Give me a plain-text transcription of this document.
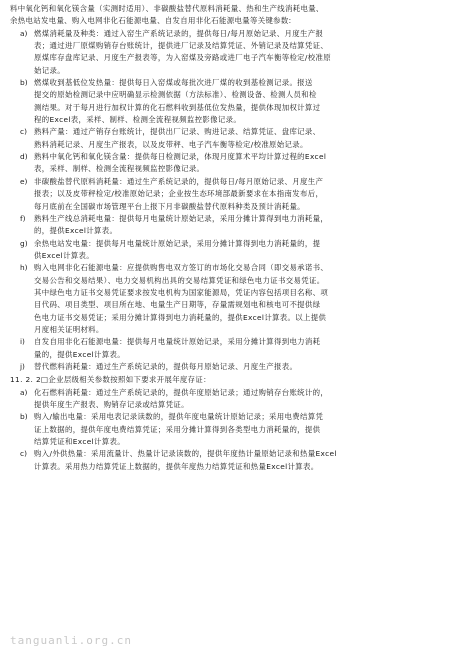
料中氧化钙和氧化镁含量（实测时适用）、非碳酸盐替代原料消耗量、热和生产线消耗电量、
余热电站发电量、购入电网非化石能源电量、自发自用非化石能源电量等关键参数:
a) 燃煤消耗量及种类：通过入窑生产系统记录的，提供每日/每月原始记录、月度生产报
表；通过进厂原煤购销存台账统计，提供进厂记录及结算凭证、外销记录及结算凭证、
原煤库存盘库记录、月度生产报表等，为入窑煤及旁路或进厂电子汽车衡等检定/校准原
始记录。
b) 燃煤收到基低位发热量：提供每日入窑煤或每批次进厂煤的收到基检测记录。报送
提交的原始检测记录中应明确显示检测依据（方法标准）、检测设备、检测人员和检
测结果。对于每月进行加权计算的化石燃料收到基低位发热量，提供体现加权计算过
程的Excel表，采样、制样、检测全流程视频监控影像记录。
c) 熟料产量：通过产销存台账统计，提供出厂记录、购进记录、结算凭证、盘库记录、
熟料消耗记录、月度生产报表，以及皮带秤、电子汽车衡等检定/校准原始记录。
d) 熟料中氧化钙和氧化镁含量：提供每日检测记录，体现月度算术平均计算过程的Excel
表，采样、制样、检测全流程视频监控影像记录。
e) 非碳酸盐替代原料消耗量：通过生产系统记录的，提供每日/每月原始记录、月度生产
报表；以及皮带秤检定/校准原始记录；企业按生态环境部最新要求在本指南发布后，
每月底前在全国碳市场管理平台上报下月非碳酸盐替代原料种类及预计消耗量。
f)	熟料生产线总消耗电量：提供每月电量统计原始记录，采用分摊计算得到电力消耗量，
的，提供Excel计算表。
g) 余热电站发电量：提供每月电量统计原始记录，采用分摊计算得到电力消耗量的，提
供Excel计算表。
h) 购入电网非化石能源电量：应提供购售电双方签订的市场化交易合同（即交易承诺书、
交易公告和交易结果）、电力交易机构出具的交易结算凭证和绿色电力证书交易凭证。
其中绿色电力证书交易凭证要求按发电机构为国家能源局，凭证内容包括项目名称、项
目代码、项目类型、项目所在地、电量生产日期等，存量需规划电和核电可不提供绿
色电力证书交易凭证；采用分摊计算得到电力消耗量的，提供Excel计算表。以上提供
月度相关证明材料。
i)	自发自用非化石能源电量：提供每月电量统计原始记录，采用分摊计算得到电力消耗
量的，提供Excel计算表。
j)	替代燃料消耗量：通过生产系统记录的，提供每月原始记录、月度生产报表。
11. 2. 2□企业层级相关参数按照如下要求开展年度存证：
a) 化石燃料消耗量：通过生产系统记录的，提供年度原始记录；通过购销存台账统计的，
提供年度生产报表、购销存记录或结算凭证。
b) 购入/输出电量：采用电表记录读数的，提供年度电量统计原始记录；采用电费结算凭
证上数据的，提供年度电费结算凭证；采用分摊计算得到各类型电力消耗量的，提供
结算凭证和Excel计算表。
c) 购入/外供热量：采用流量计、热量计记录读数的，提供年度热计量原始记录和热量Excel
计算表。采用热力结算凭证上数据的，提供年度热力结算凭证和热量Excel计算表。
tanguanli.org.cn
